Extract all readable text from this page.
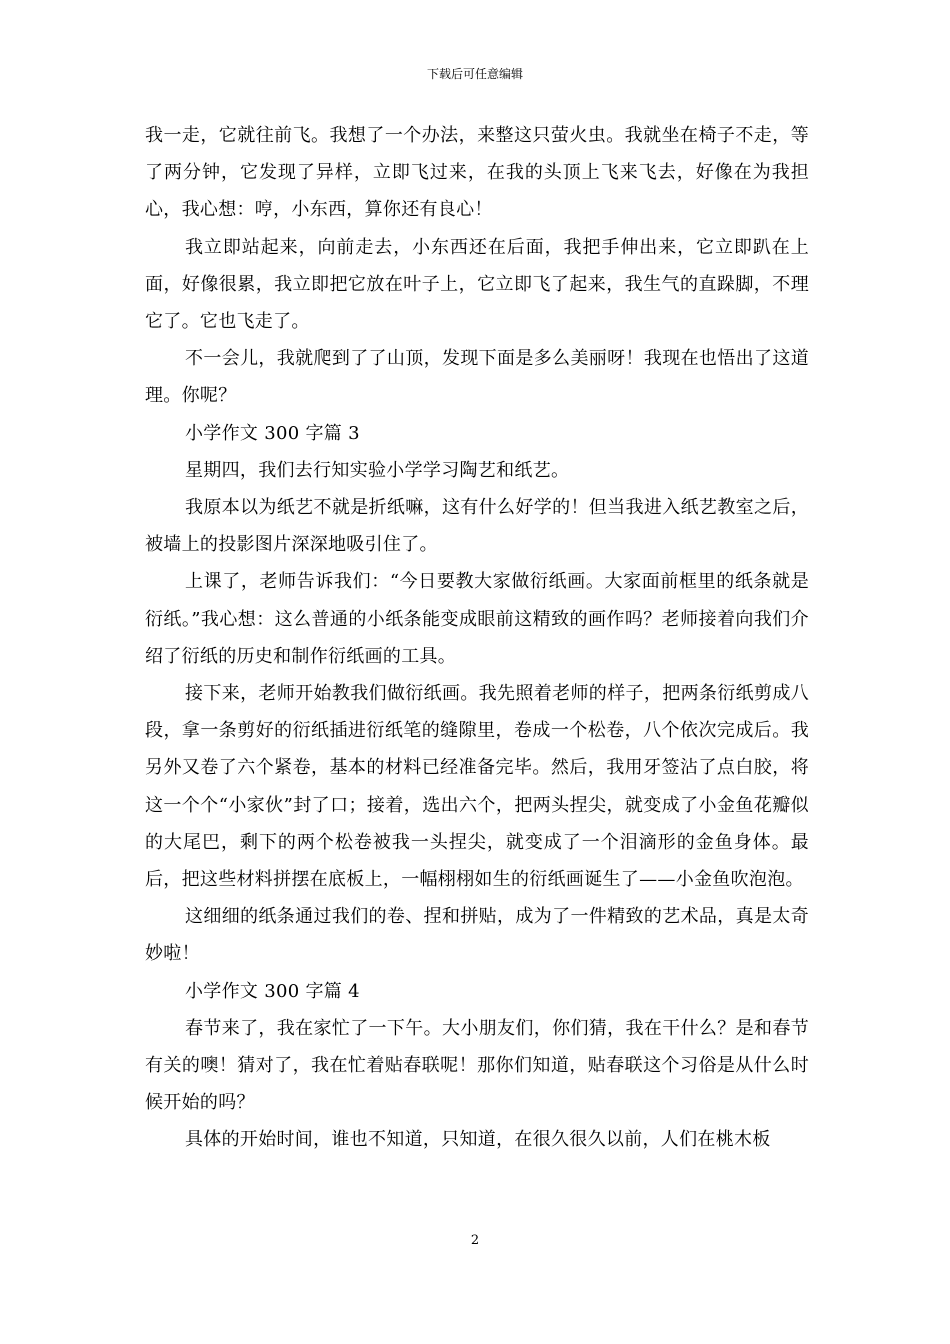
下载后可任意编辑

我一走，它就往前飞。我想了一个办法，来整这只萤火虫。我就坐在椅子不走，等了两分钟，它发现了异样，立即飞过来，在我的头顶上飞来飞去，好像在为我担心，我心想：哼，小东西，算你还有良心！

我立即站起来，向前走去，小东西还在后面，我把手伸出来，它立即趴在上面，好像很累，我立即把它放在叶子上，它立即飞了起来，我生气的直跺脚，不理它了。它也飞走了。

不一会儿，我就爬到了了山顶，发现下面是多么美丽呀！我现在也悟出了这道理。你呢？

小学作文 300 字篇 3

星期四，我们去行知实验小学学习陶艺和纸艺。

我原本以为纸艺不就是折纸嘛，这有什么好学的！但当我进入纸艺教室之后，被墙上的投影图片深深地吸引住了。

上课了，老师告诉我们：“今日要教大家做衍纸画。大家面前框里的纸条就是衍纸。”我心想：这么普通的小纸条能变成眼前这精致的画作吗？老师接着向我们介绍了衍纸的历史和制作衍纸画的工具。

接下来，老师开始教我们做衍纸画。我先照着老师的样子，把两条衍纸剪成八段，拿一条剪好的衍纸插进衍纸笔的缝隙里，卷成一个松卷，八个依次完成后。我另外又卷了六个紧卷，基本的材料已经准备完毕。然后，我用牙签沾了点白胶，将这一个个“小家伙”封了口；接着，选出六个，把两头捏尖，就变成了小金鱼花瓣似的大尾巴，剩下的两个松卷被我一头捏尖，就变成了一个泪滴形的金鱼身体。最后，把这些材料拼摆在底板上，一幅栩栩如生的衍纸画诞生了——小金鱼吹泡泡。

这细细的纸条通过我们的卷、捏和拼贴，成为了一件精致的艺术品，真是太奇妙啦！

小学作文 300 字篇 4

春节来了，我在家忙了一下午。大小朋友们，你们猜，我在干什么？是和春节有关的噢！猜对了，我在忙着贴春联呢！那你们知道，贴春联这个习俗是从什么时候开始的吗？

具体的开始时间，谁也不知道，只知道，在很久很久以前，人们在桃木板

2
